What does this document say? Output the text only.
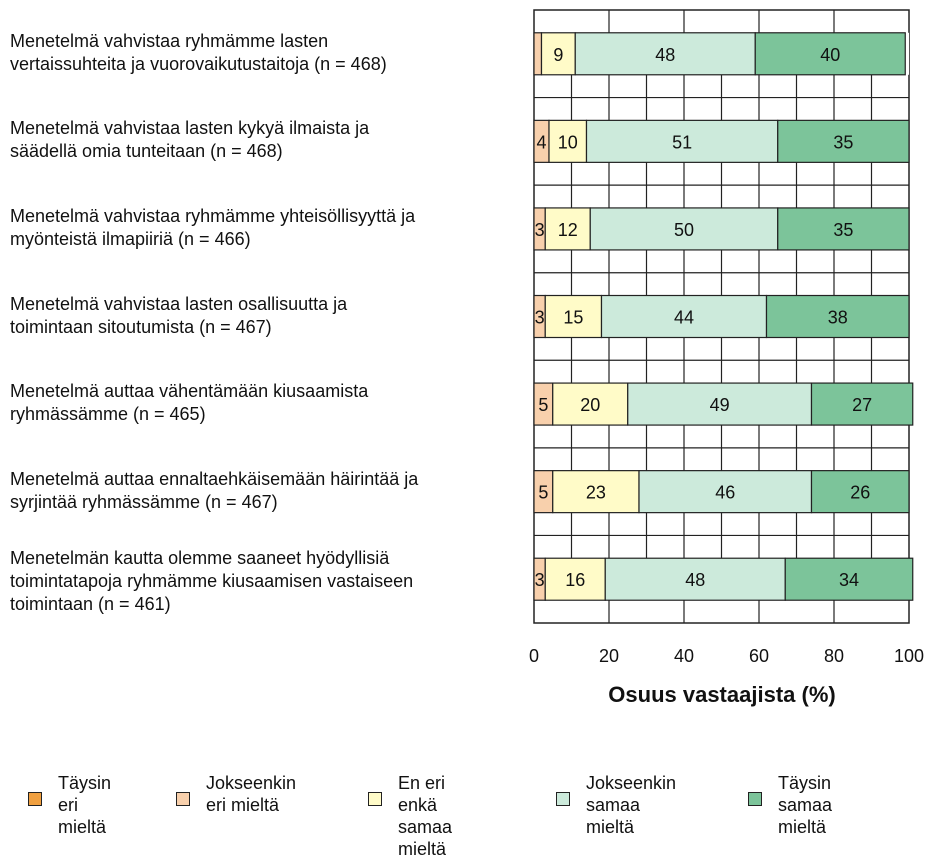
9	48	40
4 10	51	35
3 12	50	35
3 15	44	38
5 20	49	27
5 23	46	26
3 16	48	34
0	20	40	60	80	100
Osuus vastaajista (%)
Menetelmä vahvistaa ryhmämme lasten
vertaissuhteita ja vuorovaikutustaitoja (n = 468)
Menetelmä vahvistaa lasten kykyä ilmaista ja
säädellä omia tunteitaan (n = 468)
Menetelmä vahvistaa ryhmämme yhteisöllisyyttä ja
myönteistä ilmapiiriä (n = 466)
Menetelmä vahvistaa lasten osallisuutta ja
toimintaan sitoutumista (n = 467)
Menetelmä auttaa vähentämään kiusaamista
ryhmässämme (n = 465)
Menetelmä auttaa ennaltaehkäisemään häirintää ja
syrjintää ryhmässämme (n = 467)
Menetelmän kautta olemme saaneet hyödyllisiä
toimintatapoja ryhmämme kiusaamisen vastaiseen
toimintaan (n = 461)
Täysin
eri mieltä
Jokseenkin
eri mieltä
En eri enkä
samaa mieltä
Jokseenkin
samaa mieltä
Täysin
samaa mieltä
